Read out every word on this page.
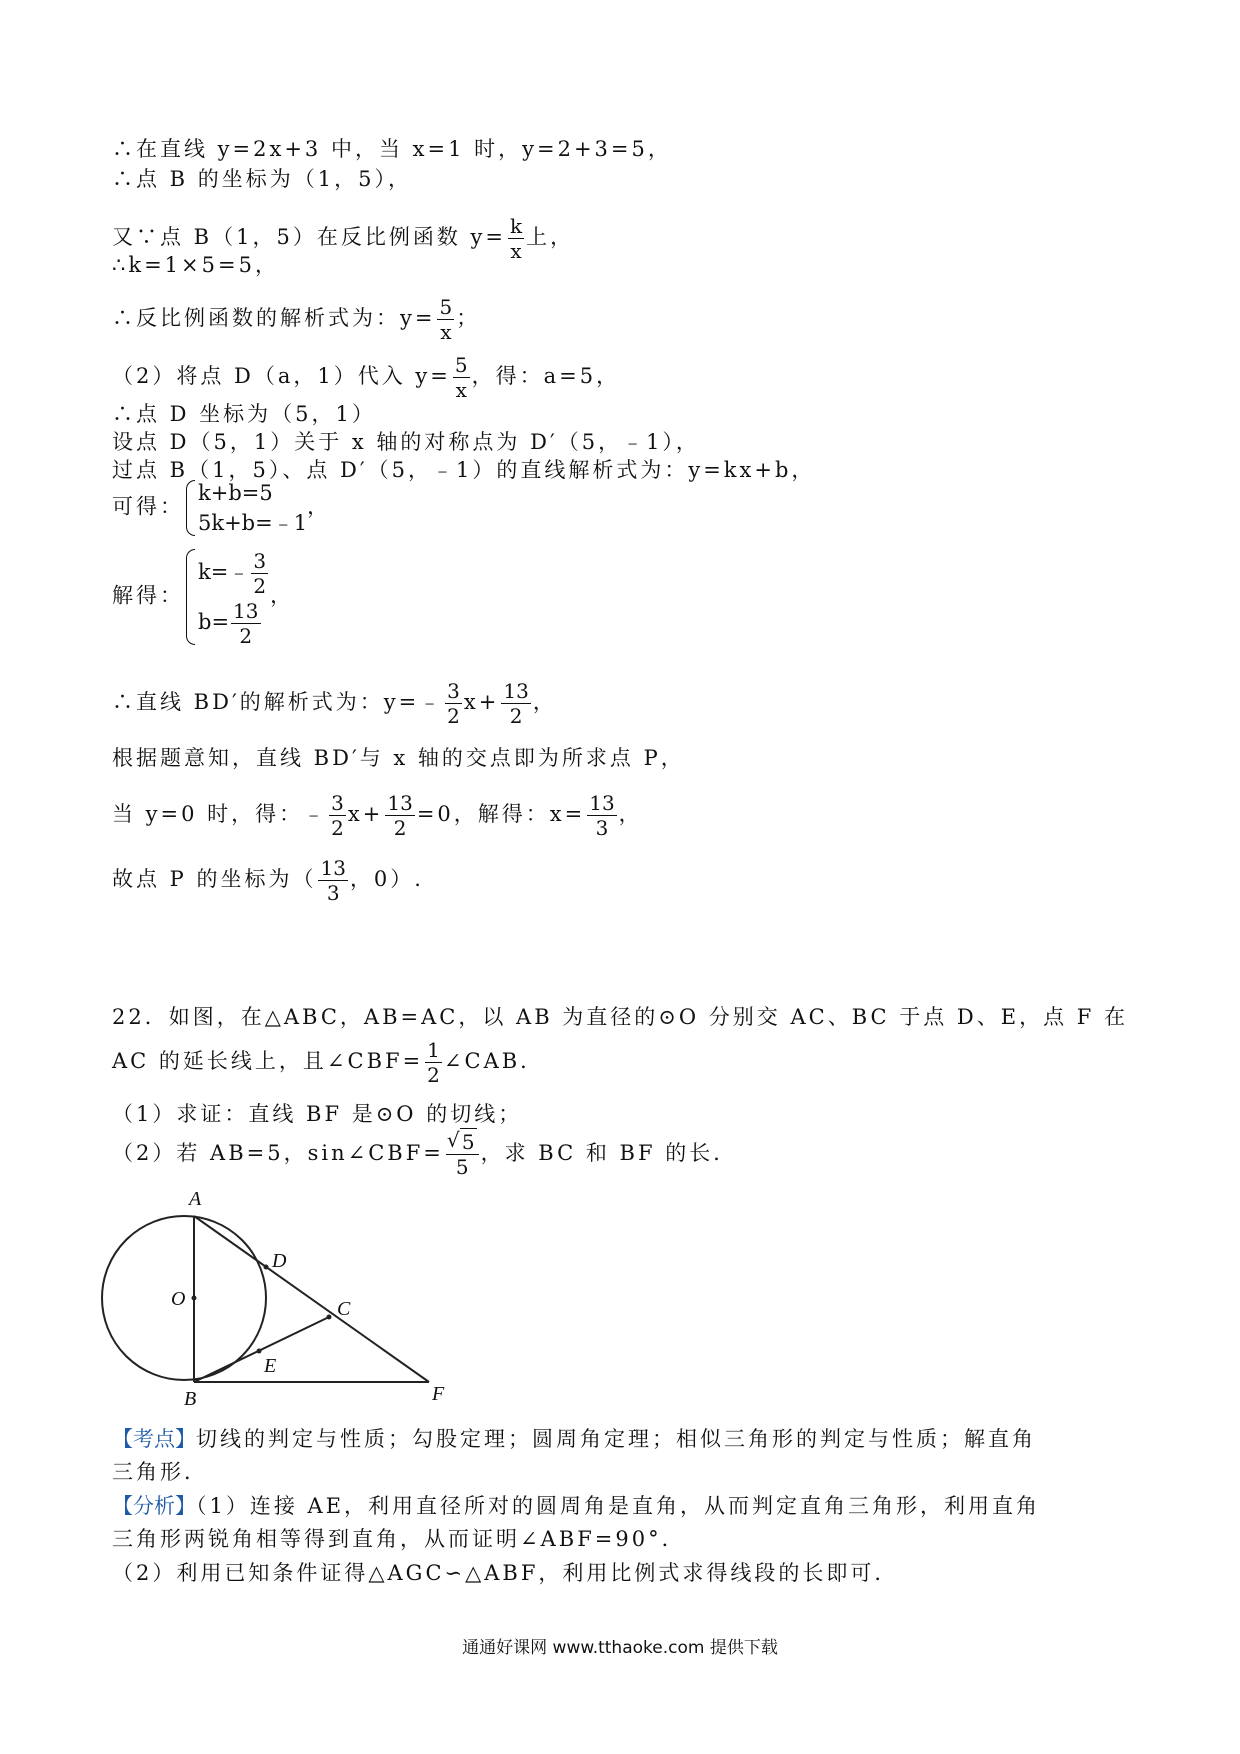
∴在直线 y=2x+3 中，当 x=1 时，y=2+3=5，
∴点 B 的坐标为（1，5），
又∵点 B（1，5）在反比例函数 $y= \frac{k}{x}$ 上，
∴k=1×5=5，
∴反比例函数的解析式为：$y= \frac{5}{x}$ ；
（2）将点 D（a，1）代入 $y= \frac{5}{x}$ ，得：a=5，
∴点 D 坐标为（5，1）
设点 D（5，1）关于 x 轴的对称点为 D′（5，﹣1），
过点 B（1，5）、点 D′（5，﹣1）的直线解析式为：y=kx+b，
可得：
k+b=5
5k+b=﹣1
，
解得：
k=﹣ $\frac{3}{2}$
$b= \frac{13}{2}$
，
∴直线 BD′的解析式为：y=﹣ $\frac{3}{2} x+ \frac{13}{2}$ ，
根据题意知，直线 BD′与 x 轴的交点即为所求点 P，
当 y=0 时，得：﹣ $\frac{3}{2} x+ \frac{13}{2} =0$，解得：$x= \frac{13}{3}$ ，
故点 P 的坐标为（ $\frac{13}{3}$ ，0）.
22．如图，在△ABC，AB=AC，以 AB 为直径的⊙O 分别交 AC、BC 于点 D、E，点 F 在
AC 的延长线上，且∠CBF= $\frac{1}{2}$ ∠CAB．
（1）求证：直线 BF 是⊙O 的切线；
（2）若 AB=5，sin∠CBF=
√ $\frac{5}{5}$ ，求 BC 和 BF 的长．
A
B
C
D
E
F
O
【考点】切线的判定与性质；勾股定理；圆周角定理；相似三角形的判定与性质；解直角
三角形．
【分析】（1）连接 AE，利用直径所对的圆周角是直角，从而判定直角三角形，利用直角
三角形两锐角相等得到直角，从而证明∠ABF=90°．
（2）利用已知条件证得△AGC∽△ABF，利用比例式求得线段的长即可．
通通好课网 www.tthaoke.com 提供下载
